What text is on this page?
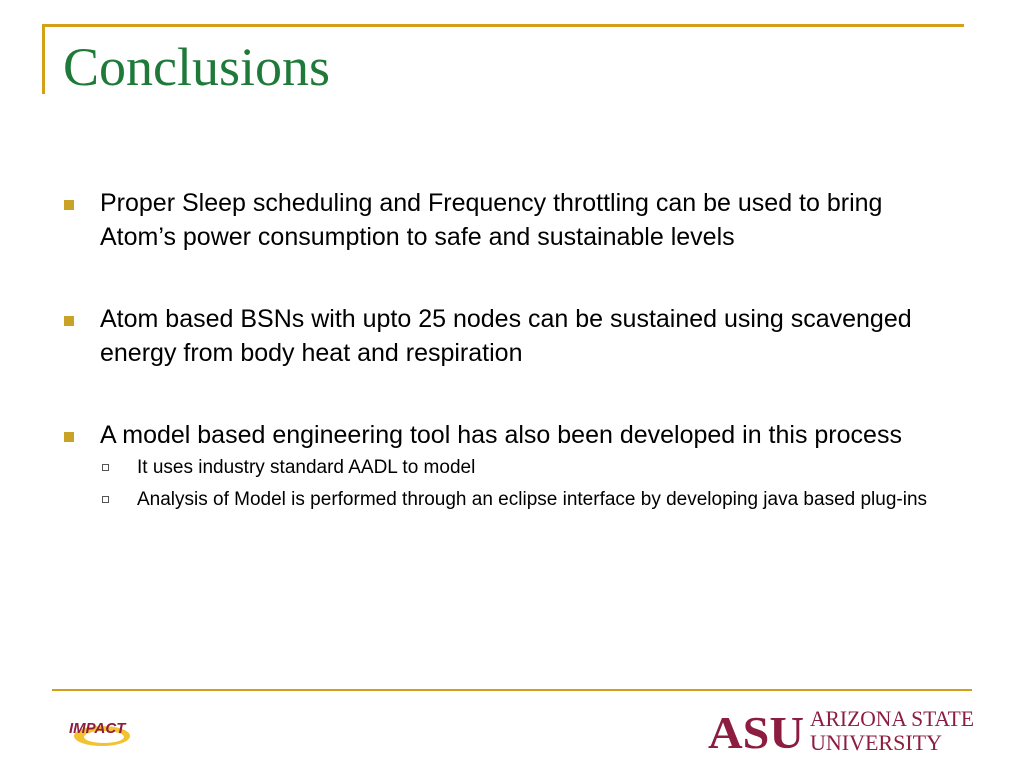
Conclusions
Proper Sleep scheduling and Frequency throttling can be used to bring Atom’s power consumption to safe and sustainable levels
Atom based BSNs with upto 25 nodes can be sustained using scavenged energy from body heat and respiration
A model based engineering tool has also been developed in this process
It uses industry standard AADL to model
Analysis of Model is performed through an eclipse interface by developing java based plug-ins
IMPACT	ASU ARIZONA STATE
UNIVERSITY
